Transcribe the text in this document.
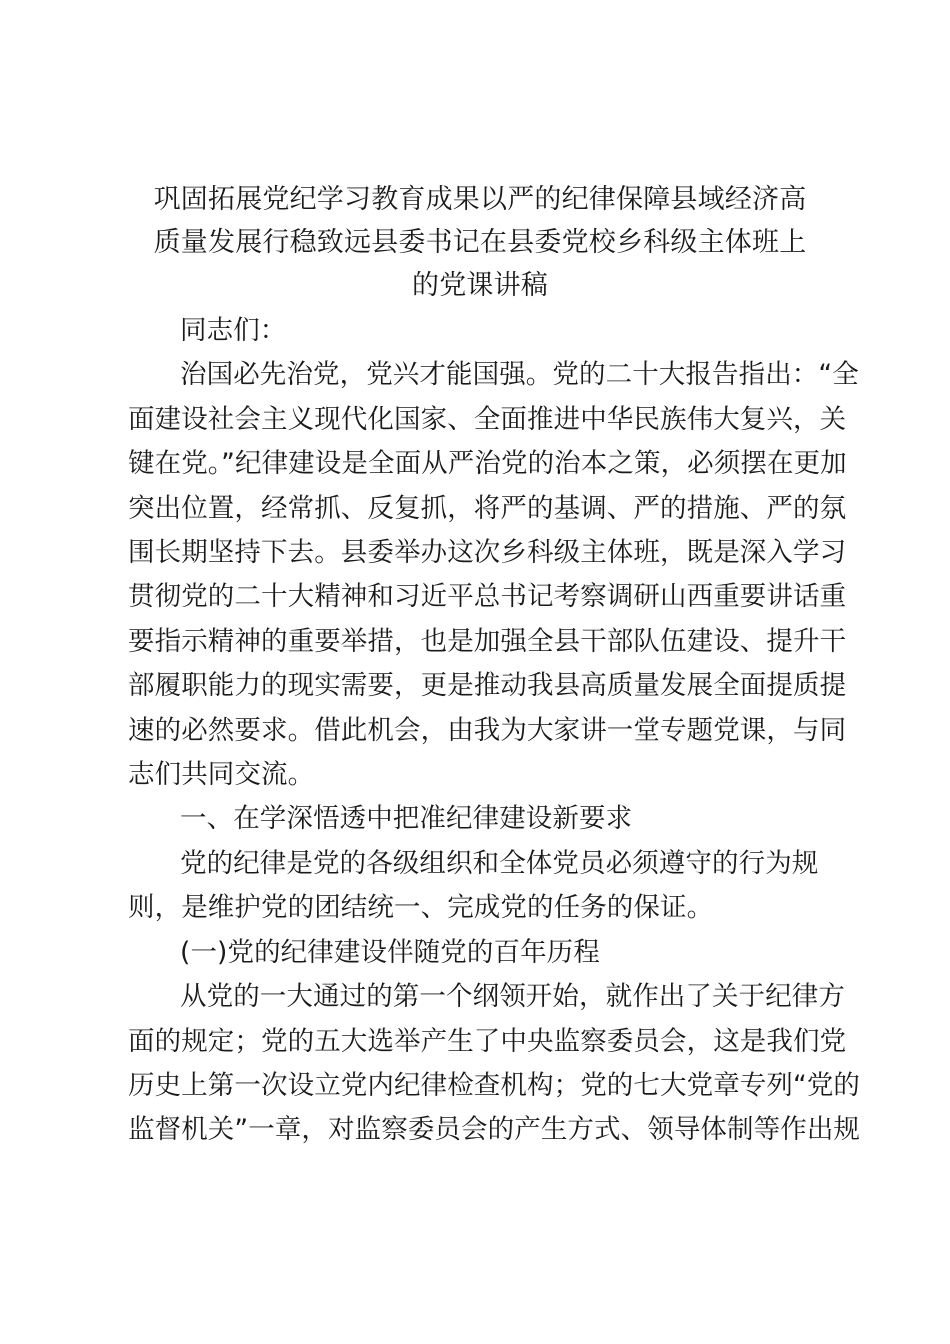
巩固拓展党纪学习教育成果以严的纪律保障县域经济高
质量发展行稳致远县委书记在县委党校乡科级主体班上
的党课讲稿
同志们：
治国必先治党，党兴才能国强。党的二十大报告指出：“全
面建设社会主义现代化国家、全面推进中华民族伟大复兴，关
键在党。”纪律建设是全面从严治党的治本之策，必须摆在更加
突出位置，经常抓、反复抓，将严的基调、严的措施、严的氛
围长期坚持下去。县委举办这次乡科级主体班，既是深入学习
贯彻党的二十大精神和习近平总书记考察调研山西重要讲话重
要指示精神的重要举措，也是加强全县干部队伍建设、提升干
部履职能力的现实需要，更是推动我县高质量发展全面提质提
速的必然要求。借此机会，由我为大家讲一堂专题党课，与同
志们共同交流。
一、在学深悟透中把准纪律建设新要求
党的纪律是党的各级组织和全体党员必须遵守的行为规
则，是维护党的团结统一、完成党的任务的保证。
(一)党的纪律建设伴随党的百年历程
从党的一大通过的第一个纲领开始，就作出了关于纪律方
面的规定；党的五大选举产生了中央监察委员会，这是我们党
历史上第一次设立党内纪律检查机构；党的七大党章专列“党的
监督机关”一章，对监察委员会的产生方式、领导体制等作出规
